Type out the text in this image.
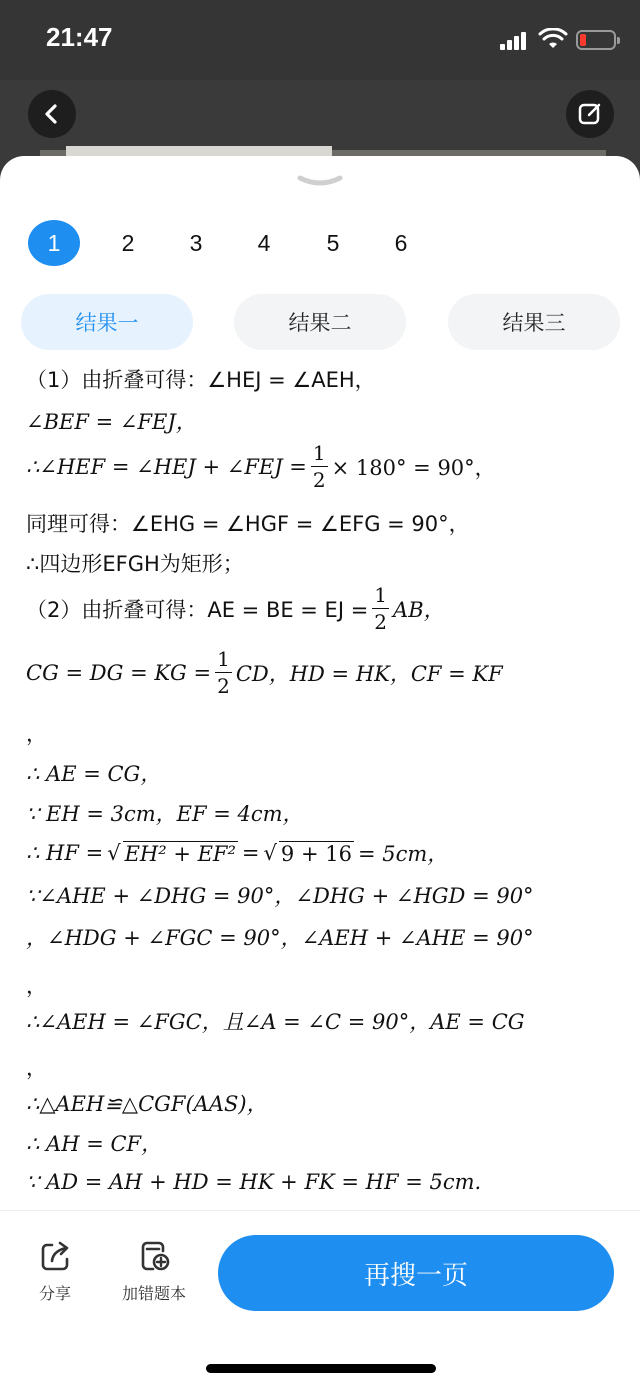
21:47
1	2	3	4	5	6
结果一	结果二	结果三
（1）由折叠可得：∠HEJ = ∠AEH，
∠BEF = ∠FEJ，
∴∠HEF = ∠HEJ + ∠FEJ = $\frac{1}{2} \times 180^\circ = 90^\circ$，
同理可得：∠EHG = ∠HGF = ∠EFG = 90°，
∴四边形EFGH为矩形；
（2）由折叠可得：AE = BE = EJ = $\frac{1}{2}$ AB，
CG = DG = KG = $\frac{1}{2}$ CD，HD = HK，CF = KF
，
∴ AE = CG，
∵ EH = 3cm，EF = 4cm，
∴ HF = √ EH² + EF² = √ 9 + 16 = 5cm，
∵∠AHE + ∠DHG = 90°，∠DHG + ∠HGD = 90°
，∠HDG + ∠FGC = 90°，∠AEH + ∠AHE = 90°
，
∴∠AEH = ∠FGC，且∠A = ∠C = 90°，AE = CG
，
∴△AEH≌△CGF(AAS)，
∴ AH = CF，
∵ AD = AH + HD = HK + FK = HF = 5cm.
分享	加错题本
再搜一页
